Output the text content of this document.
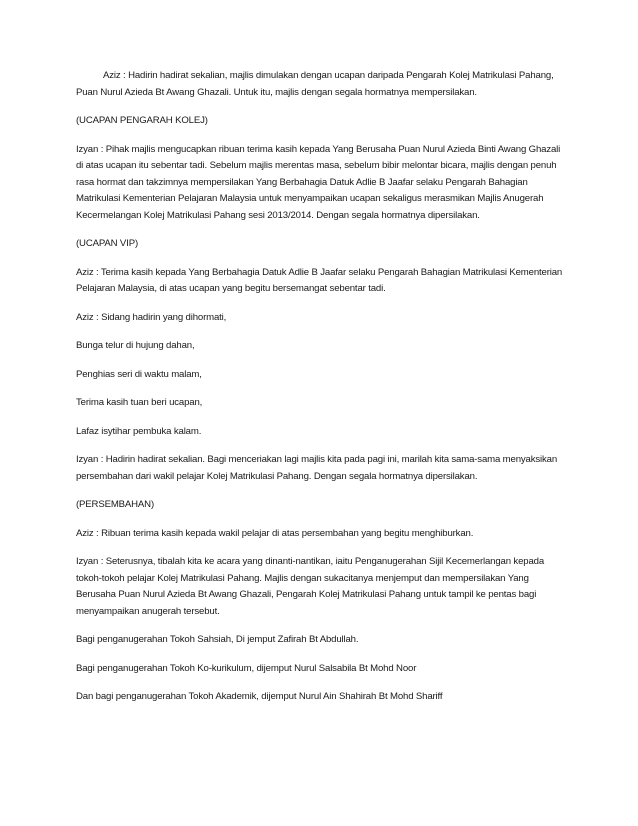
Aziz : Hadirin hadirat sekalian, majlis dimulakan dengan ucapan daripada Pengarah Kolej Matrikulasi Pahang, Puan Nurul Azieda Bt Awang Ghazali. Untuk itu, majlis dengan segala hormatnya mempersilakan.

(UCAPAN PENGARAH KOLEJ)

Izyan : Pihak majlis mengucapkan ribuan terima kasih kepada Yang Berusaha Puan Nurul Azieda Binti Awang Ghazali di atas ucapan itu sebentar tadi. Sebelum majlis merentas masa, sebelum bibir melontar bicara, majlis dengan penuh rasa hormat dan takzimnya mempersilakan Yang Berbahagia Datuk Adlie B Jaafar selaku Pengarah Bahagian Matrikulasi Kementerian Pelajaran Malaysia untuk menyampaikan ucapan sekaligus merasmikan Majlis Anugerah Kecermelangan Kolej Matrikulasi Pahang sesi 2013/2014. Dengan segala hormatnya dipersilakan.

(UCAPAN VIP)

Aziz : Terima kasih kepada Yang Berbahagia Datuk Adlie B Jaafar selaku Pengarah Bahagian Matrikulasi Kementerian Pelajaran Malaysia, di atas ucapan yang begitu bersemangat sebentar tadi.

Aziz : Sidang hadirin yang dihormati,

Bunga telur di hujung dahan,

Penghias seri di waktu malam,

Terima kasih tuan beri ucapan,

Lafaz isytihar pembuka kalam.

Izyan : Hadirin hadirat sekalian. Bagi menceriakan lagi majlis kita pada pagi ini, marilah kita sama-sama menyaksikan persembahan dari wakil pelajar Kolej Matrikulasi Pahang. Dengan segala hormatnya dipersilakan.

(PERSEMBAHAN)

Aziz : Ribuan terima kasih kepada wakil pelajar di atas persembahan yang begitu menghiburkan.

Izyan : Seterusnya, tibalah kita ke acara yang dinanti-nantikan, iaitu Penganugerahan Sijil Kecemerlangan kepada tokoh-tokoh pelajar Kolej Matrikulasi Pahang. Majlis dengan sukacitanya menjemput dan mempersilakan Yang Berusaha Puan Nurul Azieda Bt Awang Ghazali, Pengarah Kolej Matrikulasi Pahang untuk tampil ke pentas bagi menyampaikan anugerah tersebut.

Bagi penganugerahan Tokoh Sahsiah, Di jemput Zafirah Bt Abdullah.

Bagi penganugerahan Tokoh Ko-kurikulum, dijemput Nurul Salsabila Bt Mohd Noor

Dan bagi penganugerahan Tokoh Akademik, dijemput Nurul Ain Shahirah Bt Mohd Shariff
